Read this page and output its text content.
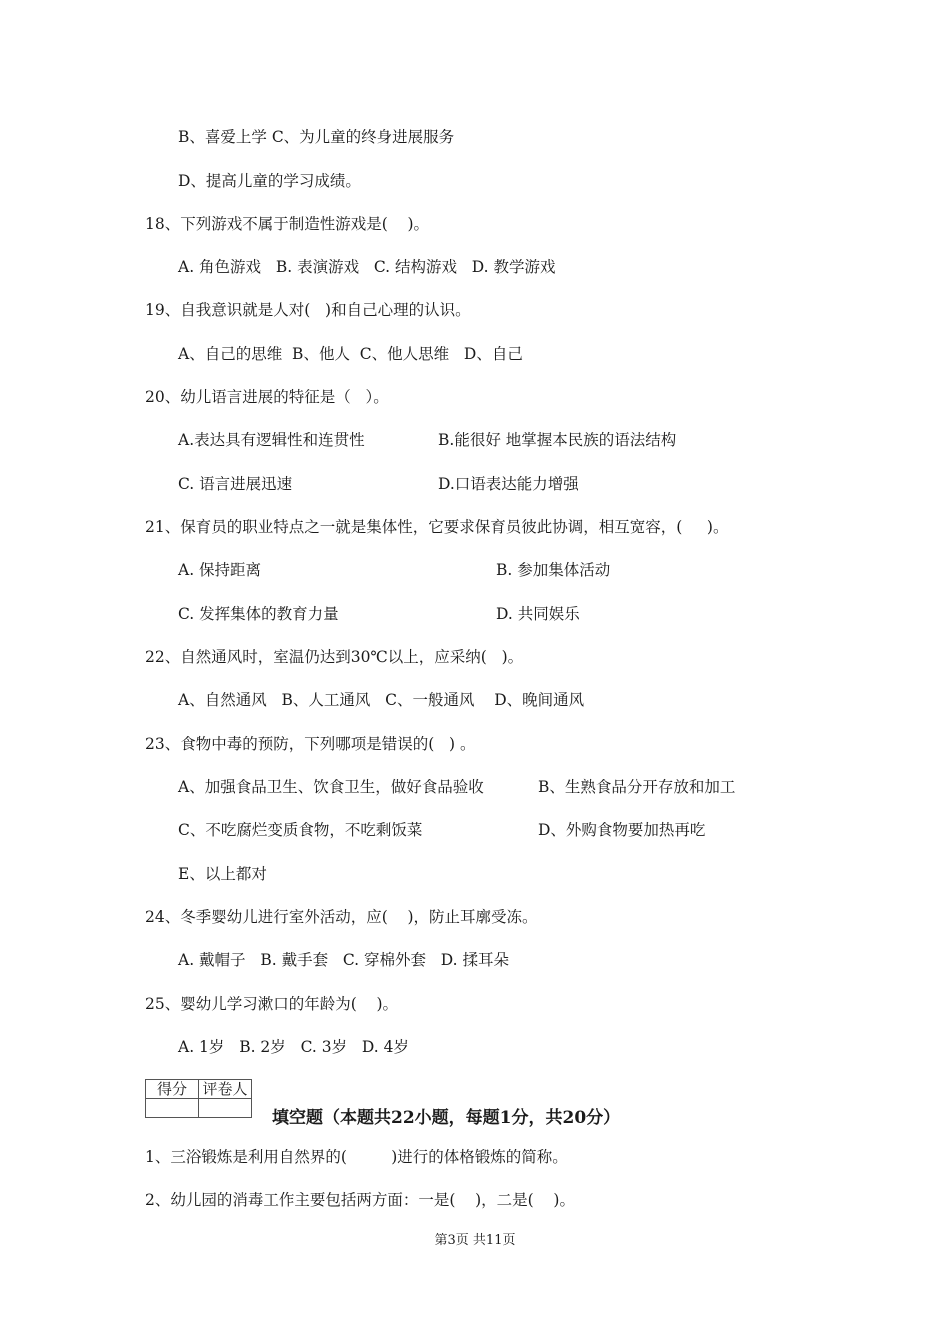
B、喜爱上学 C、为儿童的终身进展服务
D、提高儿童的学习成绩。
18、下列游戏不属于制造性游戏是(    )。
A. 角色游戏   B. 表演游戏   C. 结构游戏   D. 教学游戏
19、自我意识就是人对(   )和自己心理的认识。
A、自己的思维  B、他人  C、他人思维   D、自己
20、幼儿语言进展的特征是（   ）。
A.表达具有逻辑性和连贯性	B.能很好 地掌握本民族的语法结构
C. 语言进展迅速	D.口语表达能力增强
21、保育员的职业特点之一就是集体性，它要求保育员彼此协调，相互宽容，(     )。
A. 保持距离	B. 参加集体活动
C. 发挥集体的教育力量	D. 共同娱乐
22、自然通风时，室温仍达到30℃以上，应采纳(   )。
A、自然通风   B、人工通风   C、一般通风    D、晚间通风
23、食物中毒的预防，下列哪项是错误的(   ) 。
A、加强食品卫生、饮食卫生，做好食品验收	B、生熟食品分开存放和加工
C、不吃腐烂变质食物，不吃剩饭菜	D、外购食物要加热再吃
E、以上都对
24、冬季婴幼儿进行室外活动，应(    )，防止耳廓受冻。
A. 戴帽子   B. 戴手套   C. 穿棉外套   D. 揉耳朵
25、婴幼儿学习漱口的年龄为(    )。
A. 1岁   B. 2岁   C. 3岁   D. 4岁
得分	评卷人

填空题（本题共22小题，每题1分，共20分）
1、三浴锻炼是利用自然界的(         )进行的体格锻炼的简称。
2、幼儿园的消毒工作主要包括两方面：一是(    )，二是(    )。
第3页 共11页
